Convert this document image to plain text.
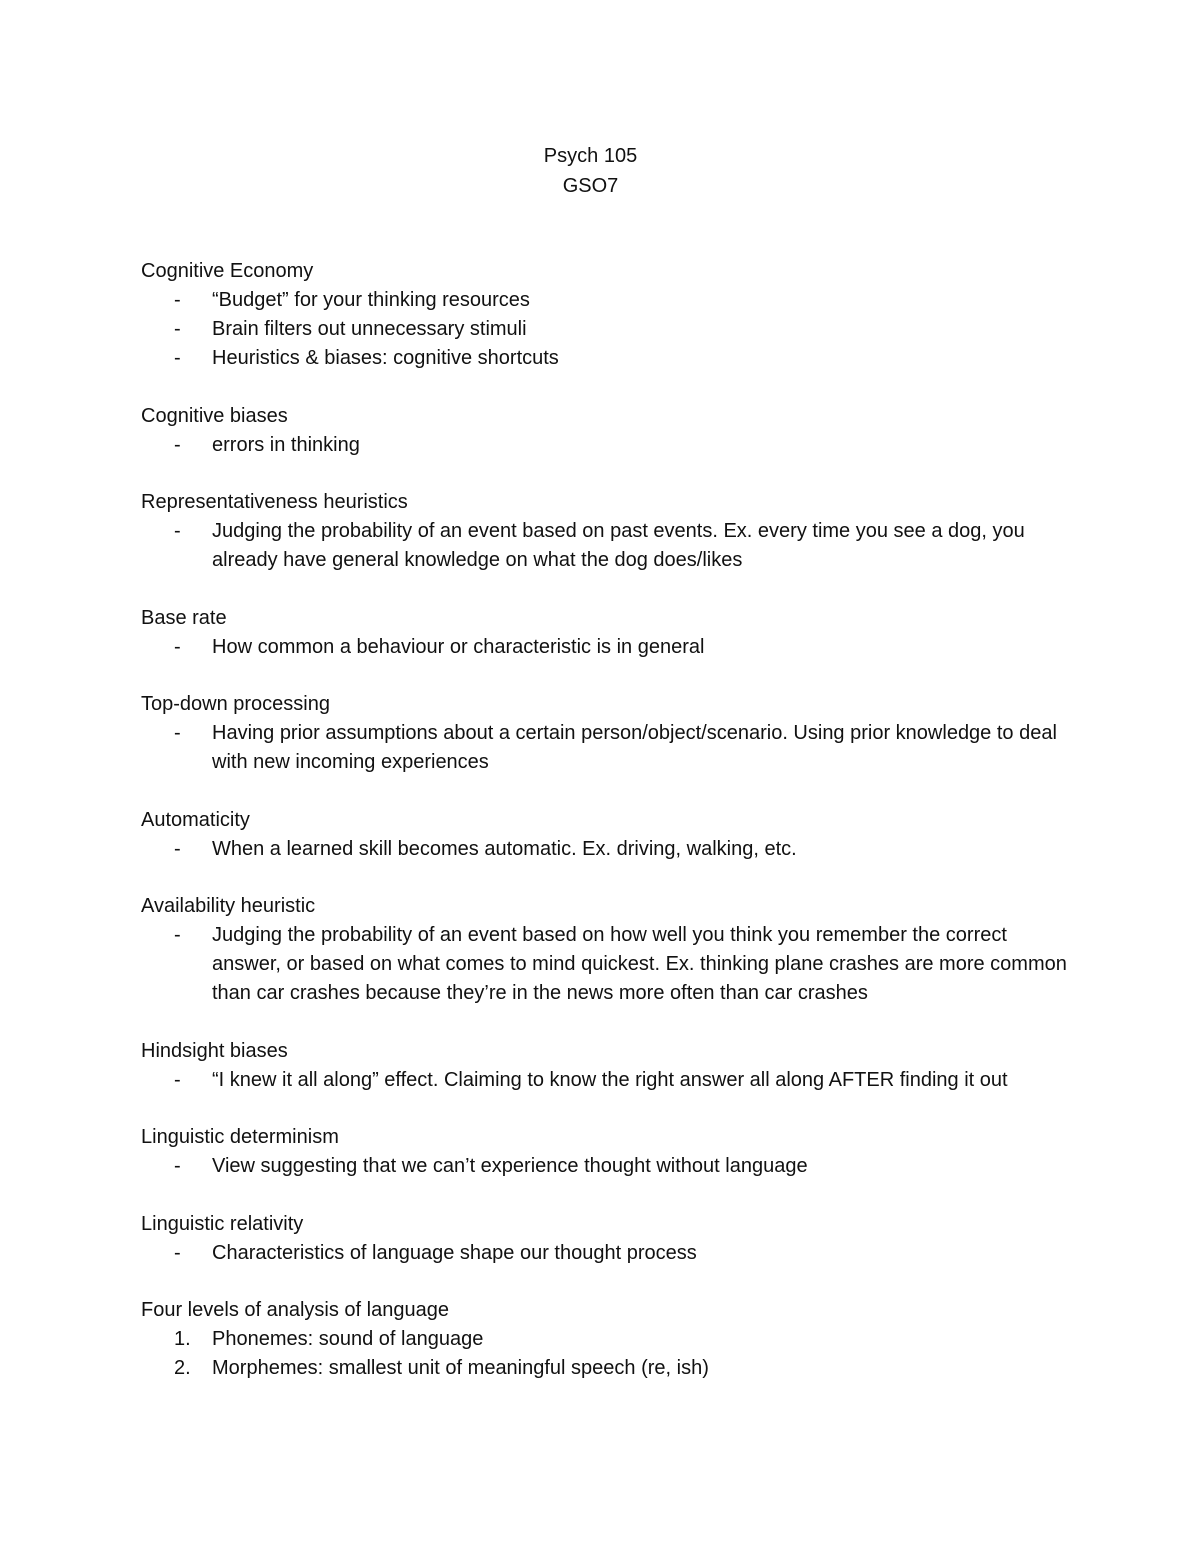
Psych 105
GSO7
Cognitive Economy
-	“Budget” for your thinking resources
-	Brain filters out unnecessary stimuli
-	Heuristics & biases: cognitive shortcuts
Cognitive biases
-	errors in thinking
Representativeness heuristics
-	Judging the probability of an event based on past events. Ex. every time you see a dog, you already have general knowledge on what the dog does/likes
Base rate
-	How common a behaviour or characteristic is in general
Top-down processing
-	Having prior assumptions about a certain person/object/scenario. Using prior knowledge to deal with new incoming experiences
Automaticity
-	When a learned skill becomes automatic. Ex. driving, walking, etc.
Availability heuristic
-	Judging the probability of an event based on how well you think you remember the correct answer, or based on what comes to mind quickest. Ex. thinking plane crashes are more common than car crashes because they’re in the news more often than car crashes
Hindsight biases
-	“I knew it all along” effect. Claiming to know the right answer all along AFTER finding it out
Linguistic determinism
-	View suggesting that we can’t experience thought without language
Linguistic relativity
-	Characteristics of language shape our thought process
Four levels of analysis of language
1.	Phonemes: sound of language
2.	Morphemes: smallest unit of meaningful speech (re, ish)
